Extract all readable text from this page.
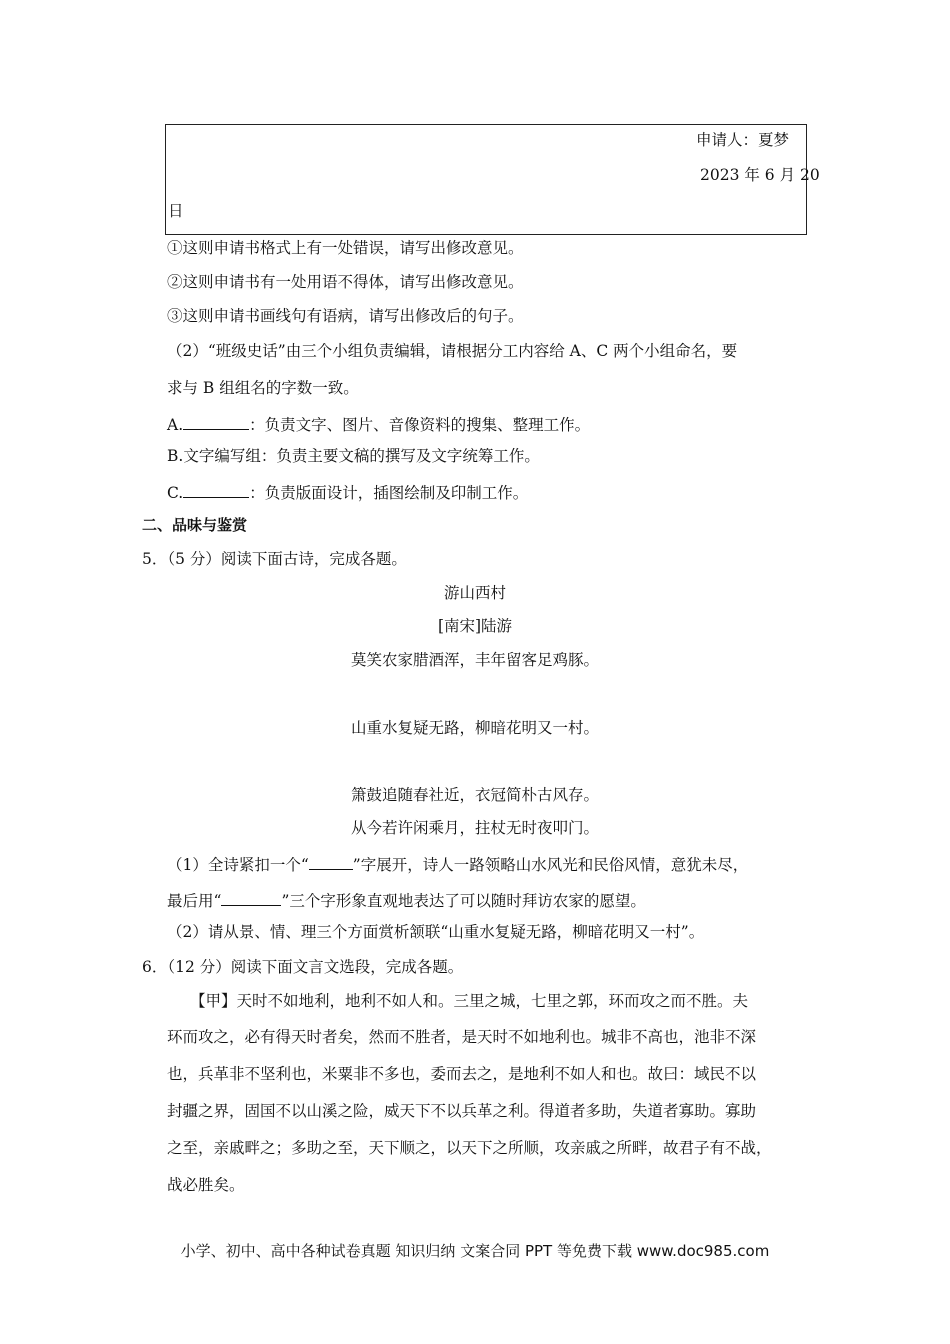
申请人：夏梦
2023 年 6 月 20
日
①这则申请书格式上有一处错误，请写出修改意见。
②这则申请书有一处用语不得体，请写出修改意见。
③这则申请书画线句有语病，请写出修改后的句子。
（2）“班级史话”由三个小组负责编辑，请根据分工内容给 A、C 两个小组命名，要
求与 B 组组名的字数一致。
A.	：负责文字、图片、音像资料的搜集、整理工作。
B.文字编写组：负责主要文稿的撰写及文字统筹工作。
C.	：负责版面设计，插图绘制及印制工作。
二、品味与鉴赏
5．（5 分）阅读下面古诗，完成各题。
游山西村
[南宋]陆游
莫笑农家腊酒浑，丰年留客足鸡豚。
山重水复疑无路，柳暗花明又一村。
箫鼓追随春社近，衣冠简朴古风存。
从今若许闲乘月，拄杖无时夜叩门。
（1）全诗紧扣一个“	”字展开，诗人一路领略山水风光和民俗风情，意犹未尽，
最后用“	”三个字形象直观地表达了可以随时拜访农家的愿望。
（2）请从景、情、理三个方面赏析颔联“山重水复疑无路，柳暗花明又一村”。
6．（12 分）阅读下面文言文选段，完成各题。
【甲】天时不如地利，地利不如人和。三里之城，七里之郭，环而攻之而不胜。夫
环而攻之，必有得天时者矣，然而不胜者，是天时不如地利也。城非不高也，池非不深
也，兵革非不坚利也，米粟非不多也，委而去之，是地利不如人和也。故曰：域民不以
封疆之界，固国不以山溪之险，威天下不以兵革之利。得道者多助，失道者寡助。寡助
之至，亲戚畔之；多助之至，天下顺之，以天下之所顺，攻亲戚之所畔，故君子有不战，
战必胜矣。
小学、初中、高中各种试卷真题 知识归纳 文案合同 PPT 等免费下载 www.doc985.com
